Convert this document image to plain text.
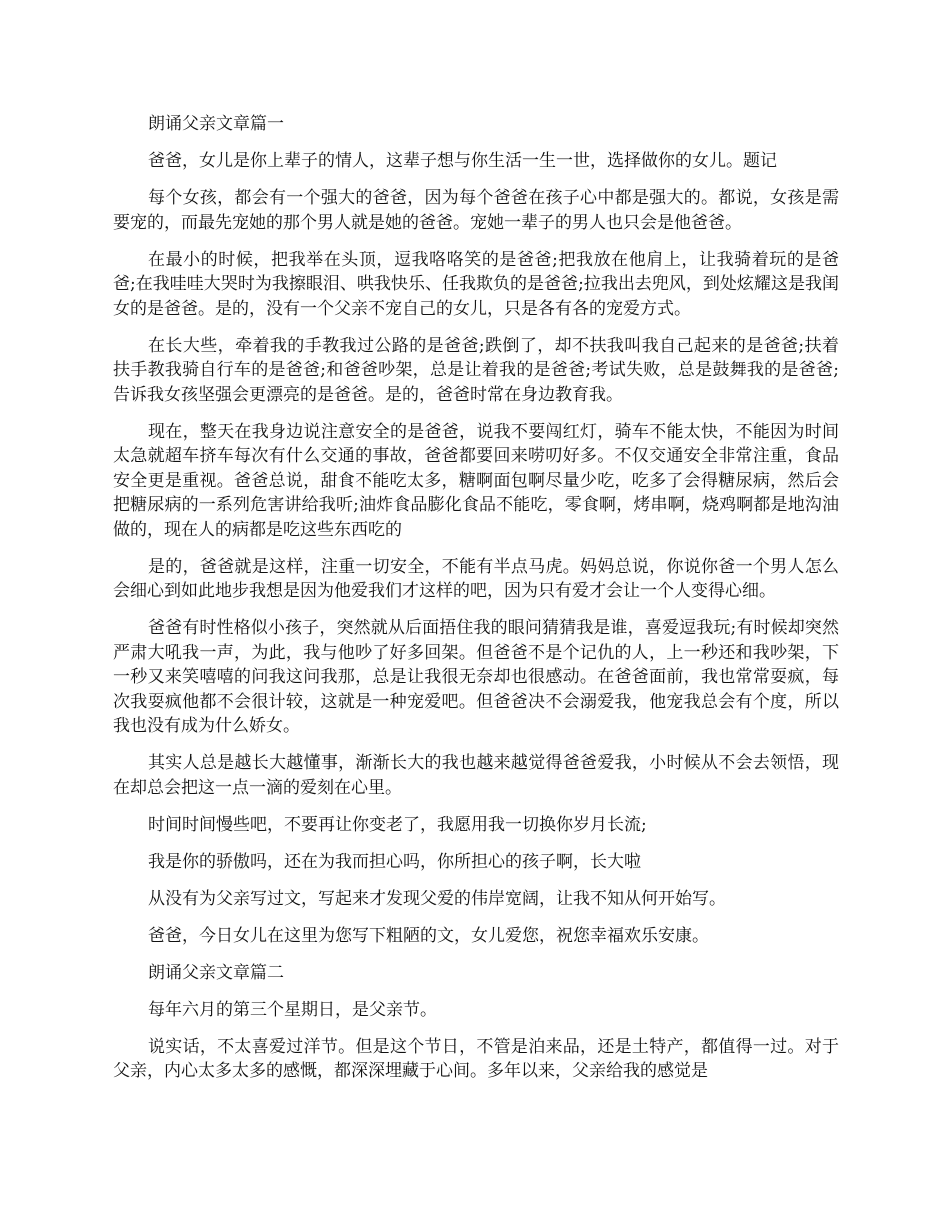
朗诵父亲文章篇一

爸爸，女儿是你上辈子的情人，这辈子想与你生活一生一世，选择做你的女儿。题记

每个女孩，都会有一个强大的爸爸，因为每个爸爸在孩子心中都是强大的。都说，女孩是需要宠的，而最先宠她的那个男人就是她的爸爸。宠她一辈子的男人也只会是他爸爸。

在最小的时候，把我举在头顶，逗我咯咯笑的是爸爸;把我放在他肩上，让我骑着玩的是爸爸;在我哇哇大哭时为我擦眼泪、哄我快乐、任我欺负的是爸爸;拉我出去兜风，到处炫耀这是我闺女的是爸爸。是的，没有一个父亲不宠自己的女儿，只是各有各的宠爱方式。

在长大些，牵着我的手教我过公路的是爸爸;跌倒了，却不扶我叫我自己起来的是爸爸;扶着扶手教我骑自行车的是爸爸;和爸爸吵架，总是让着我的是爸爸;考试失败，总是鼓舞我的是爸爸;告诉我女孩坚强会更漂亮的是爸爸。是的，爸爸时常在身边教育我。

现在，整天在我身边说注意安全的是爸爸，说我不要闯红灯，骑车不能太快，不能因为时间太急就超车挤车每次有什么交通的事故，爸爸都要回来唠叨好多。不仅交通安全非常注重，食品安全更是重视。爸爸总说，甜食不能吃太多，糖啊面包啊尽量少吃，吃多了会得糖尿病，然后会把糖尿病的一系列危害讲给我听;油炸食品膨化食品不能吃，零食啊，烤串啊，烧鸡啊都是地沟油做的，现在人的病都是吃这些东西吃的

是的，爸爸就是这样，注重一切安全，不能有半点马虎。妈妈总说，你说你爸一个男人怎么会细心到如此地步我想是因为他爱我们才这样的吧，因为只有爱才会让一个人变得心细。

爸爸有时性格似小孩子，突然就从后面捂住我的眼问猜猜我是谁，喜爱逗我玩;有时候却突然严肃大吼我一声，为此，我与他吵了好多回架。但爸爸不是个记仇的人，上一秒还和我吵架，下一秒又来笑嘻嘻的问我这问我那，总是让我很无奈却也很感动。在爸爸面前，我也常常耍疯，每次我耍疯他都不会很计较，这就是一种宠爱吧。但爸爸决不会溺爱我，他宠我总会有个度，所以我也没有成为什么娇女。

其实人总是越长大越懂事，渐渐长大的我也越来越觉得爸爸爱我，小时候从不会去领悟，现在却总会把这一点一滴的爱刻在心里。

时间时间慢些吧，不要再让你变老了，我愿用我一切换你岁月长流;

我是你的骄傲吗，还在为我而担心吗，你所担心的孩子啊，长大啦

从没有为父亲写过文，写起来才发现父爱的伟岸宽阔，让我不知从何开始写。

爸爸，今日女儿在这里为您写下粗陋的文，女儿爱您，祝您幸福欢乐安康。

朗诵父亲文章篇二

每年六月的第三个星期日，是父亲节。

说实话，不太喜爱过洋节。但是这个节日，不管是泊来品，还是土特产，都值得一过。对于父亲，内心太多太多的感慨，都深深埋藏于心间。多年以来，父亲给我的感觉是
